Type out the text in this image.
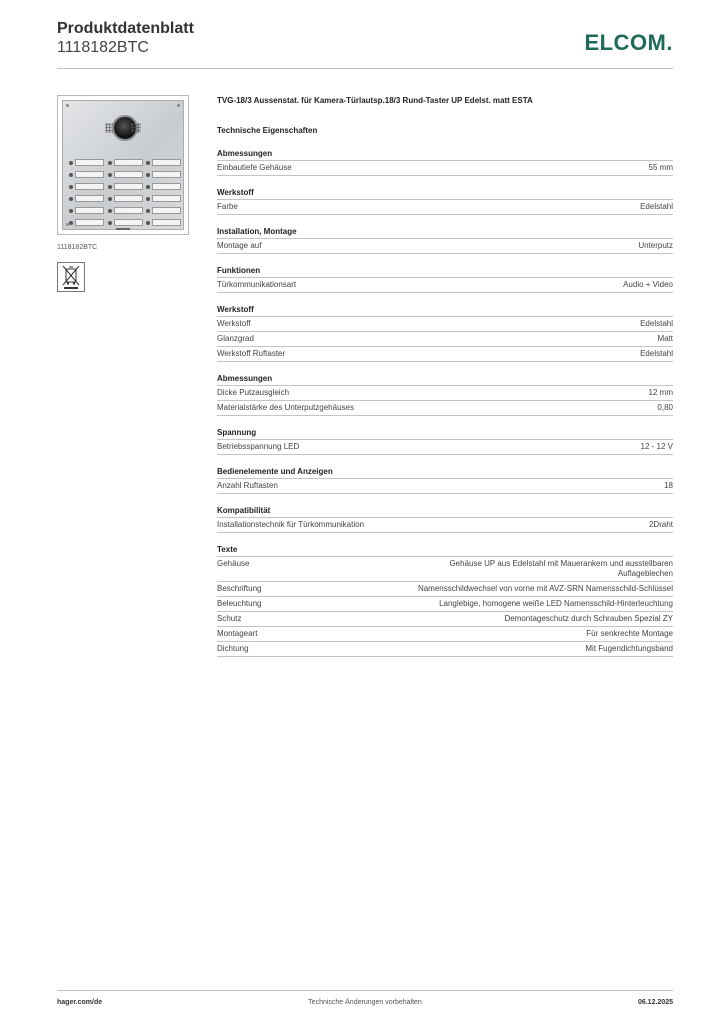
Produktdatenblatt
1118182BTC	ELCOM.
1118182BTC
TVG-18/3 Aussenstat. für Kamera-Türlautsp.18/3 Rund-Taster UP Edelst. matt ESTA
Technische Eigenschaften
Abmessungen
Einbautiefe Gehäuse	55 mm
Werkstoff
Farbe	Edelstahl
Installation, Montage
Montage auf	Unterputz
Funktionen
Türkommunikationsart	Audio + Video
Werkstoff
Werkstoff	Edelstahl
Glanzgrad	Matt
Werkstoff Ruftaster	Edelstahl
Abmessungen
Dicke Putzausgleich	12 mm
Materialstärke des Unterputzgehäuses	0,80
Spannung
Betriebsspannung LED	12 - 12 V
Bedienelemente und Anzeigen
Anzahl Ruftasten	18
Kompatibilität
Installationstechnik für Türkommunikation	2Draht
Texte
Gehäuse	Gehäuse UP aus Edelstahl mit Mauerankern und ausstellbaren Auflageblechen
Beschriftung	Namensschildwechsel von vorne mit AVZ-SRN Namensschild-Schlüssel
Beleuchtung	Langlebige, homogene weiße LED Namensschild-Hinterleuchtung
Schutz	Demontageschutz durch Schrauben Spezial ZY
Montageart	Für senkrechte Montage
Dichtung	Mit Fugendichtungsband
hager.com/de	Technische Änderungen vorbehalten	06.12.2025
